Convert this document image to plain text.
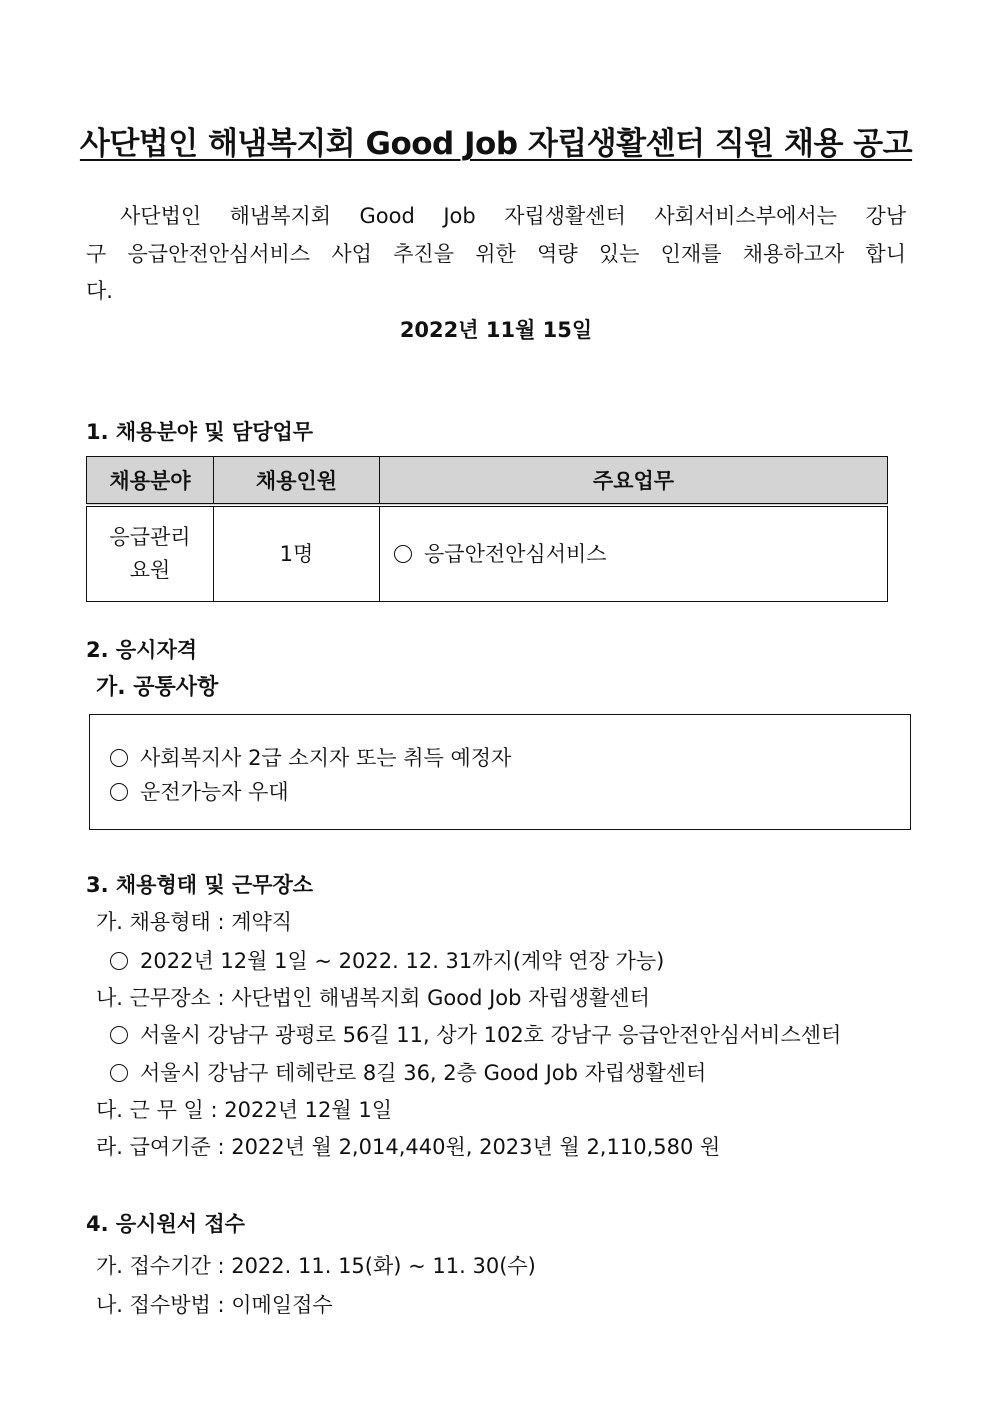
사단법인 해냄복지회 Good Job 자립생활센터 직원 채용 공고
사단법인 해냄복지회 Good Job 자립생활센터 사회서비스부에서는 강남
구 응급안전안심서비스 사업 추진을 위한 역량 있는 인재를 채용하고자 합니
다.
2022년 11월 15일
1. 채용분야 및 담당업무
채용분야	채용인원	주요업무

응급관리
요원	1명	응급안전안심서비스
2. 응시자격
가. 공통사항
사회복지사 2급 소지자 또는 취득 예정자
운전가능자 우대
3. 채용형태 및 근무장소
가. 채용형태 : 계약직
2022년 12월 1일 ~ 2022. 12. 31까지(계약 연장 가능)
나. 근무장소 : 사단법인 해냄복지회 Good Job 자립생활센터
서울시 강남구 광평로 56길 11, 상가 102호 강남구 응급안전안심서비스센터
서울시 강남구 테헤란로 8길 36, 2층 Good Job 자립생활센터
다. 근 무 일 : 2022년 12월 1일
라. 급여기준 : 2022년 월 2,014,440원, 2023년 월 2,110,580 원
4. 응시원서 접수
가. 접수기간 : 2022. 11. 15(화) ~ 11. 30(수)
나. 접수방법 : 이메일접수
